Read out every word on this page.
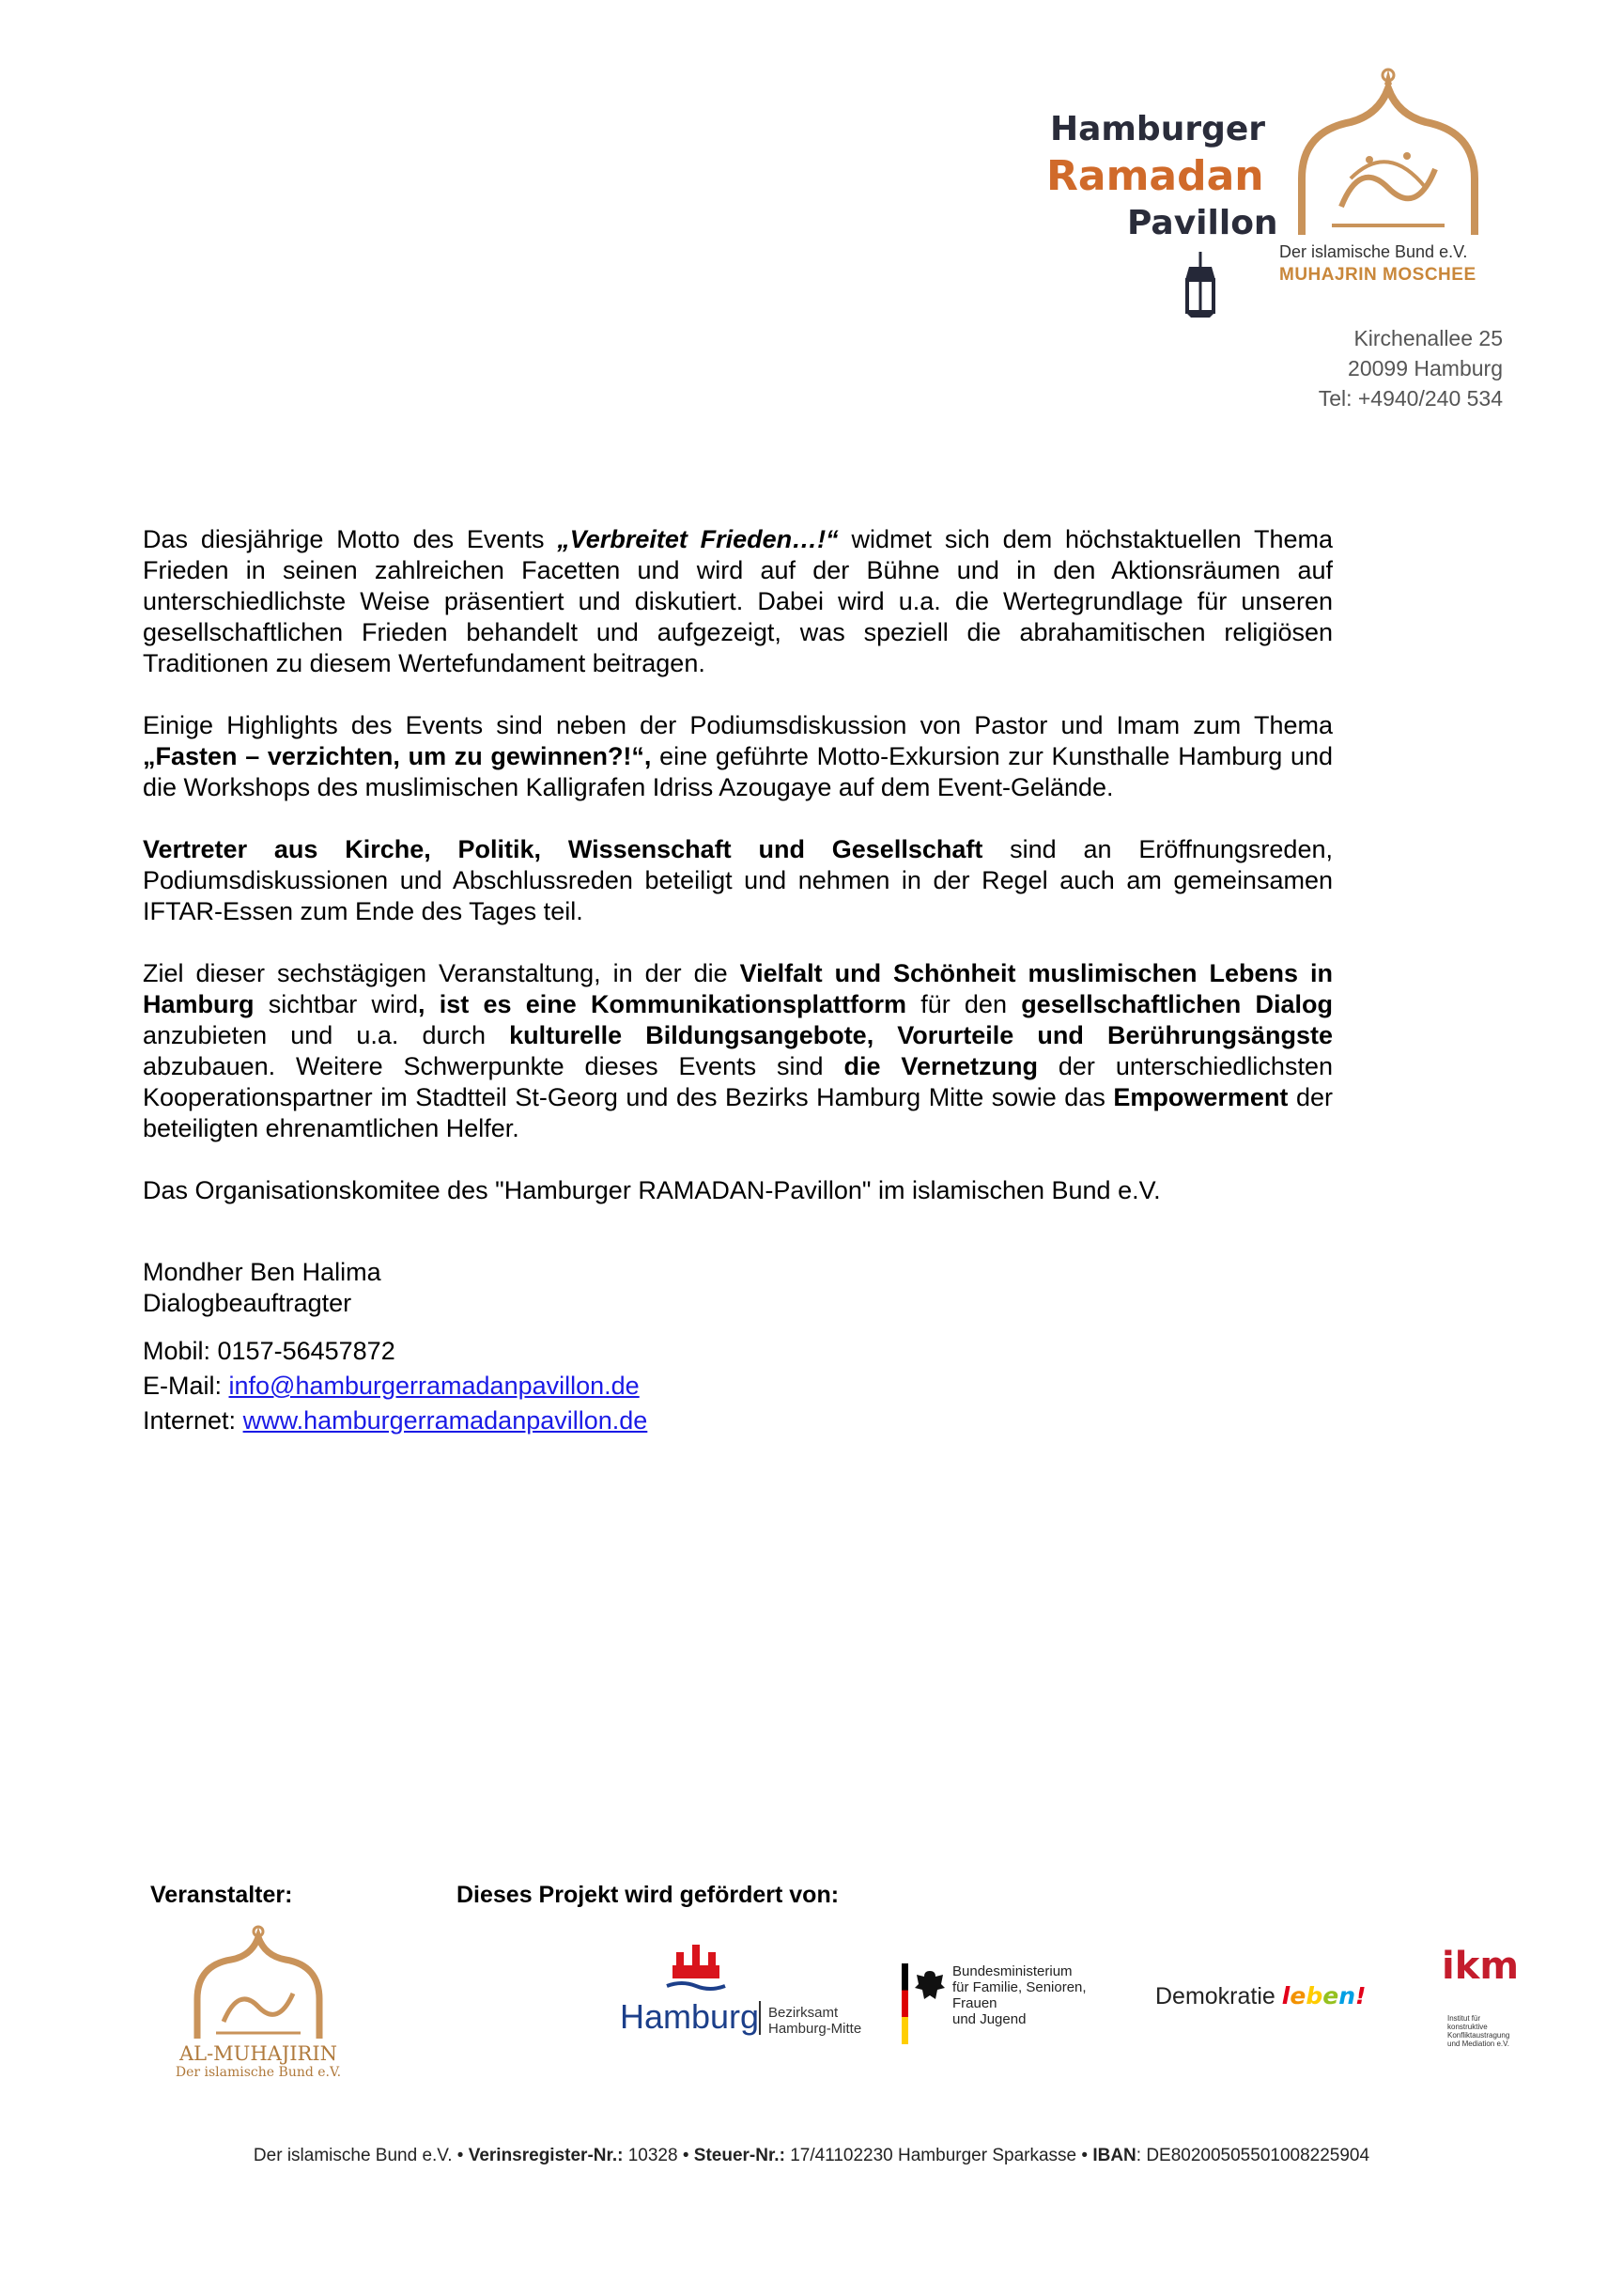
Hamburger
Ramadan
Pavillon
Der islamische Bund e.V.
MUHAJRIN MOSCHEE
Kirchenallee 25
20099 Hamburg
Tel: +4940/240 534

Das diesjährige Motto des Events „Verbreitet Frieden…!“ widmet sich dem höchstaktuellen Thema Frieden in seinen zahlreichen Facetten und wird auf der Bühne und in den Aktionsräumen auf unterschiedlichste Weise präsentiert und diskutiert. Dabei wird u.a. die Wertegrundlage für unseren gesellschaftlichen Frieden behandelt und aufgezeigt, was speziell die abrahamitischen religiösen Traditionen zu diesem Wertefundament beitragen.

Einige Highlights des Events sind neben der Podiumsdiskussion von Pastor und Imam zum Thema „Fasten – verzichten, um zu gewinnen?!“, eine geführte Motto-Exkursion zur Kunsthalle Hamburg und die Workshops des muslimischen Kalligrafen Idriss Azougaye auf dem Event-Gelände.

Vertreter aus Kirche, Politik, Wissenschaft und Gesellschaft sind an Eröffnungsreden, Podiumsdiskussionen und Abschlussreden beteiligt und nehmen in der Regel auch am gemeinsamen IFTAR-Essen zum Ende des Tages teil.

Ziel dieser sechstägigen Veranstaltung, in der die Vielfalt und Schönheit muslimischen Lebens in Hamburg sichtbar wird, ist es eine Kommunikationsplattform für den gesellschaftlichen Dialog anzubieten und u.a. durch kulturelle Bildungsangebote, Vorurteile und Berührungsängste abzubauen. Weitere Schwerpunkte dieses Events sind die Vernetzung der unterschiedlichsten Kooperationspartner im Stadtteil St-Georg und des Bezirks Hamburg Mitte sowie das Empowerment der beteiligten ehrenamtlichen Helfer.

Das Organisationskomitee des "Hamburger RAMADAN-Pavillon" im islamischen Bund e.V.

Mondher Ben Halima
Dialogbeauftragter
Mobil: 0157-56457872
E-Mail: info@hamburgerramadanpavillon.de
Internet: www.hamburgerramadanpavillon.de
Veranstalter:	Dieses Projekt wird gefördert von:
AL-MUHAJIRIN
Der islamische Bund e.V.
Hamburg Bezirksamt
Hamburg-Mitte
Bundesministerium
für Familie, Senioren, Frauen
und Jugend
Demokratie leben!
ikm
Institut für konstruktive Konfliktaustragung und Mediation e.V.
Der islamische Bund e.V. • Verinsregister-Nr.: 10328 • Steuer-Nr.: 17/41102230 Hamburger Sparkasse • IBAN: DE80200505501008225904
